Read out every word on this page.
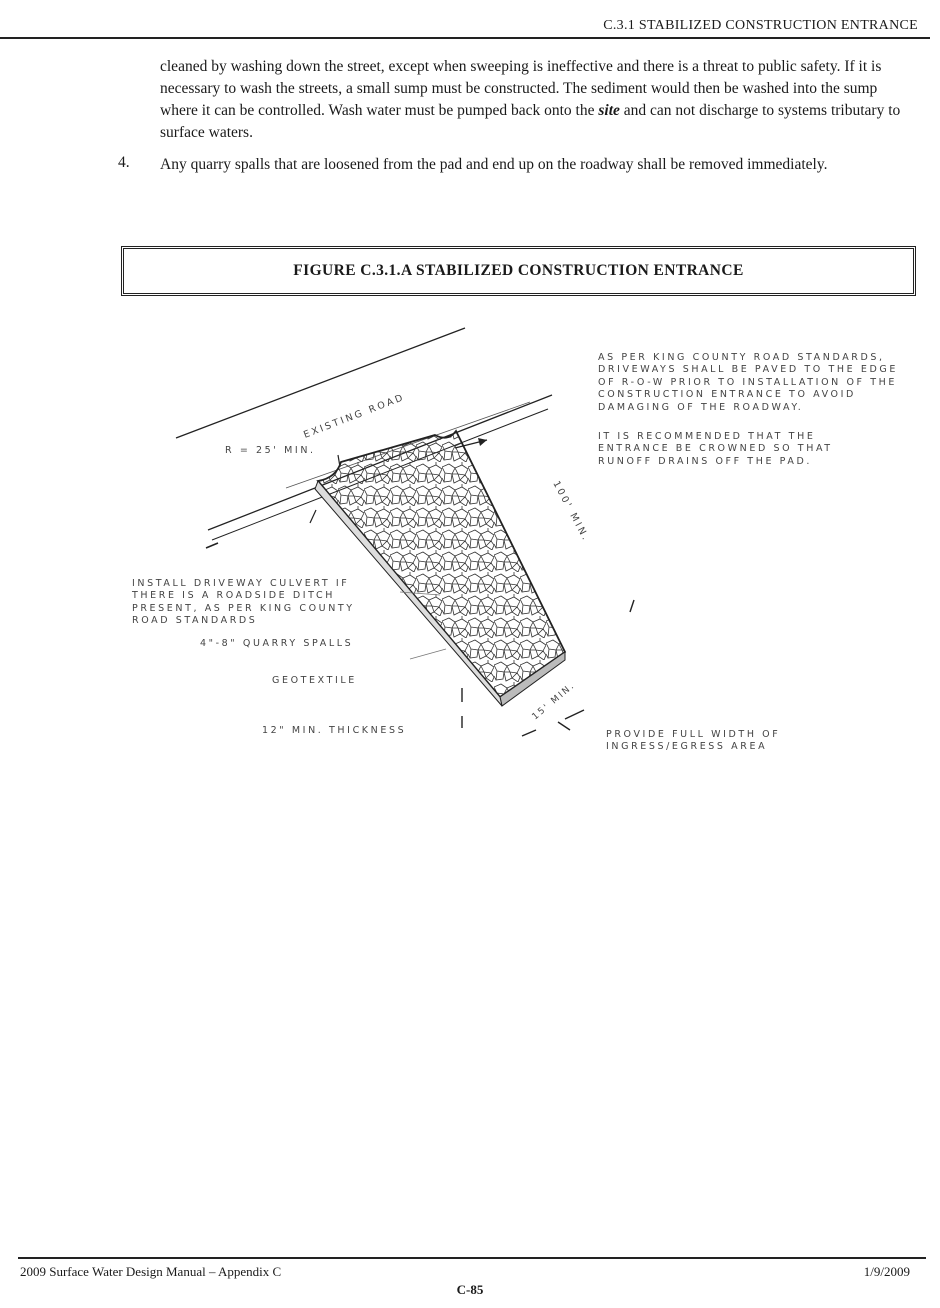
C.3.1 STABILIZED CONSTRUCTION ENTRANCE
cleaned by washing down the street, except when sweeping is ineffective and there is a threat to public safety. If it is necessary to wash the streets, a small sump must be constructed. The sediment would then be washed into the sump where it can be controlled. Wash water must be pumped back onto the site and can not discharge to systems tributary to surface waters.
4. Any quarry spalls that are loosened from the pad and end up on the roadway shall be removed immediately.
FIGURE C.3.1.A STABILIZED CONSTRUCTION ENTRANCE
EXISTING ROAD
100' MIN.
15' MIN.
R = 25' MIN.
AS PER KING COUNTY ROAD STANDARDS, DRIVEWAYS SHALL BE PAVED TO THE EDGE OF R-O-W PRIOR TO INSTALLATION OF THE CONSTRUCTION ENTRANCE TO AVOID DAMAGING OF THE ROADWAY.
IT IS RECOMMENDED THAT THE ENTRANCE BE CROWNED SO THAT RUNOFF DRAINS OFF THE PAD.
INSTALL DRIVEWAY CULVERT IF THERE IS A ROADSIDE DITCH PRESENT, AS PER KING COUNTY ROAD STANDARDS
4"-8" QUARRY SPALLS
GEOTEXTILE
12" MIN. THICKNESS	PROVIDE FULL WIDTH OF INGRESS/EGRESS AREA
2009 Surface Water Design Manual – Appendix C	1/9/2009
C-85
